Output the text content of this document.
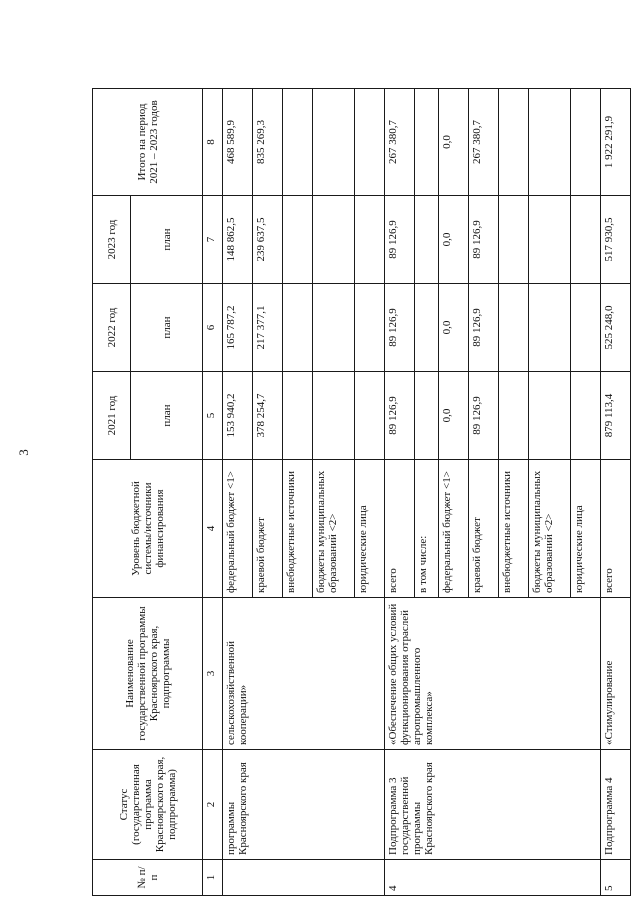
3
№ п/п	Статус (государственная программа Красноярского края, подпрограмма)	Наименование государственной программы Красноярского края, подпрограммы	Уровень бюджетной системы/источники финансирования	2021 год	2022 год	2023 год	Итого на период 2021 – 2023 годов
				план	план	план	
1	2	3	4	5	6	7	8
	программы Красноярского края	сельскохозяйственной кооперации»	федеральный бюджет <1>	153 940,2	165 787,2	148 862,5	468 589,9
			краевой бюджет	378 254,7	217 377,1	239 637,5	835 269,3
			внебюджетные источники				
			бюджеты муниципальных образований <2>				
			юридические лица				
4	Подпрограмма 3 государственной программы Красноярского края	«Обеспечение общих условий функционирования отраслей агропромышленного комплекса»	всего	89 126,9	89 126,9	89 126,9	267 380,7
			в том числе:				
			федеральный бюджет <1>	0,0	0,0	0,0	0,0
			краевой бюджет	89 126,9	89 126,9	89 126,9	267 380,7
			внебюджетные источники				
			бюджеты муниципальных образований <2>				
			юридические лица				
5	Подпрограмма 4	«Стимулирование	всего	879 113,4	525 248,0	517 930,5	1 922 291,9
